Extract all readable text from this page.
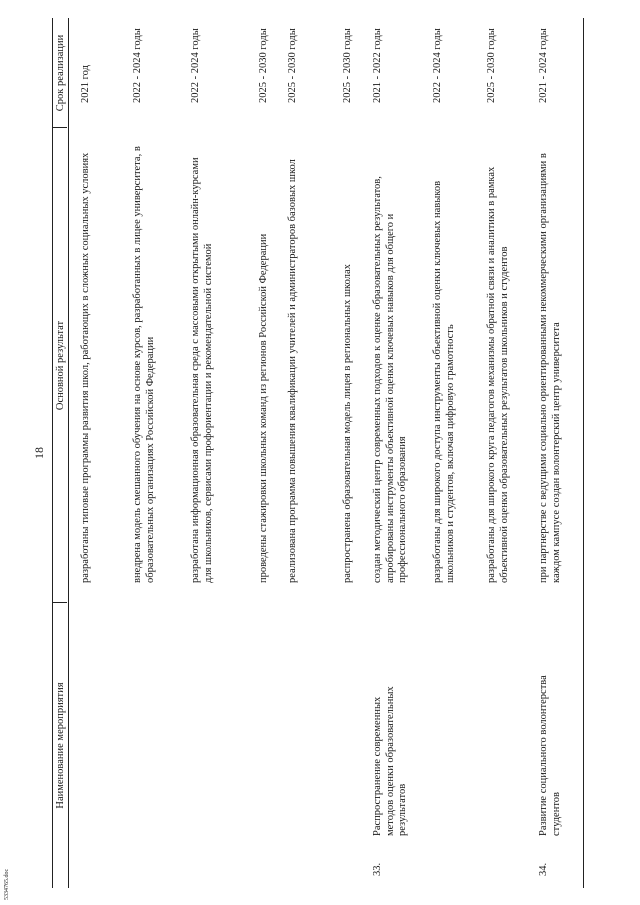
18
Наименование мероприятия
Основной результат
Срок реализации
разработаны типовые программы развития школ, работающих в сложных социальных условиях
2021 год
внедрена модель смешанного обучения на основе курсов, разработанных в лицее университета, в образовательных организациях Российской Федерации
2022 - 2024 годы
разработана информационная образовательная среда с массовыми открытыми онлайн-курсами для школьников, сервисами профориентации и рекомендательной системой
2022 - 2024 годы
проведены стажировки школьных команд из регионов Российской Федерации
2025 - 2030 годы
реализована программа повышения квалификации учителей и администраторов базовых школ
2025 - 2030 годы
распространена образовательная модель лицея в региональных школах
2025 - 2030 годы
33.
Распространение современных методов оценки образовательных результатов
создан методический центр современных подходов к оценке образовательных результатов, апробированы инструменты объективной оценки ключевых навыков для общего и профессионального образования
2021 - 2022 годы
разработаны для широкого доступа инструменты объективной оценки ключевых навыков школьников и студентов, включая цифровую грамотность
2022 - 2024 годы
разработаны для широкого круга педагогов механизмы обратной связи и аналитики в рамках объективной оценки образовательных результатов школьников и студентов
2025 - 2030 годы
34.
Развитие социального волонтерства студентов
при партнерстве с ведущими социально ориентированными некоммерческими организациями в каждом кампусе создан волонтерский центр университета
2021 - 2024 годы
5334765.doc
